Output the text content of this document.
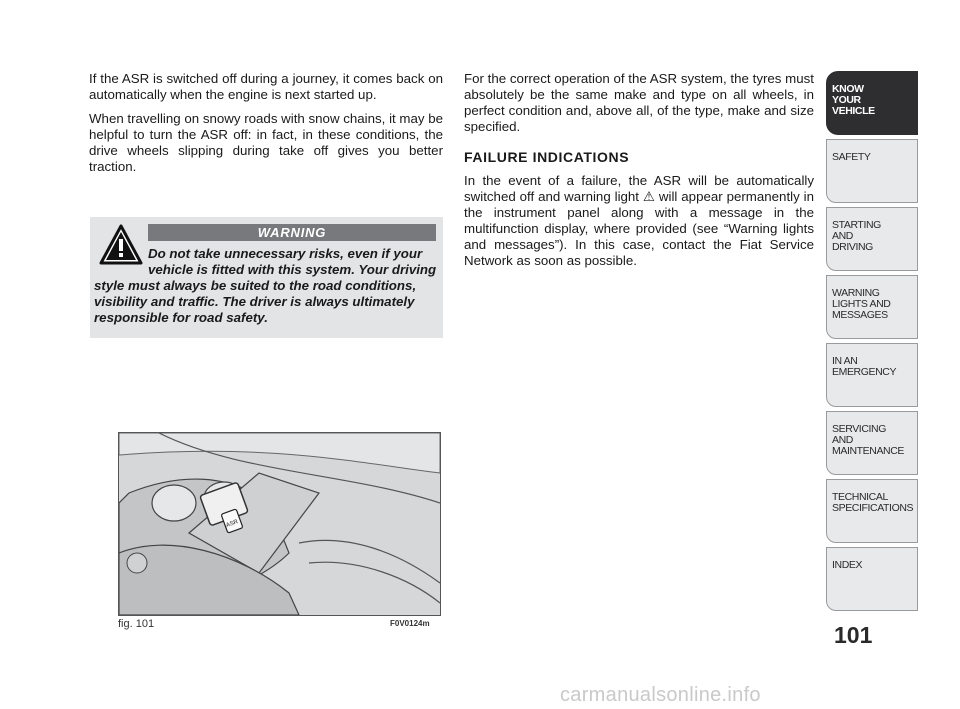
If the ASR is switched off during a journey, it comes back on automatically when the engine is next started up.

When travelling on snowy roads with snow chains, it may be helpful to turn the ASR off: in fact, in these conditions, the drive wheels slipping during take off gives you better traction.

WARNING
Do not take unnecessary risks, even if your vehicle is fitted with this system. Your driving style must always be suited to the road conditions, visibility and traffic. The driver is always ultimately responsible for road safety.
ASR
fig. 101	F0V0124m

For the correct operation of the ASR system, the tyres must absolutely be the same make and type on all wheels, in perfect condition and, above all, of the type, make and size specified.

FAILURE INDICATIONS

In the event of a failure, the ASR will be automatically switched off and warning light ⚠ will appear permanently in the instrument panel along with a message in the multifunction display, where provided (see “Warning lights and messages”). In this case, contact the Fiat Service Network as soon as possible.

KNOW
YOUR
VEHICLE
SAFETY
STARTING
AND
DRIVING
WARNING
LIGHTS AND
MESSAGES
IN AN
EMERGENCY
SERVICING
AND
MAINTENANCE
TECHNICAL
SPECIFICATIONS
INDEX
101
carmanualsonline.info
